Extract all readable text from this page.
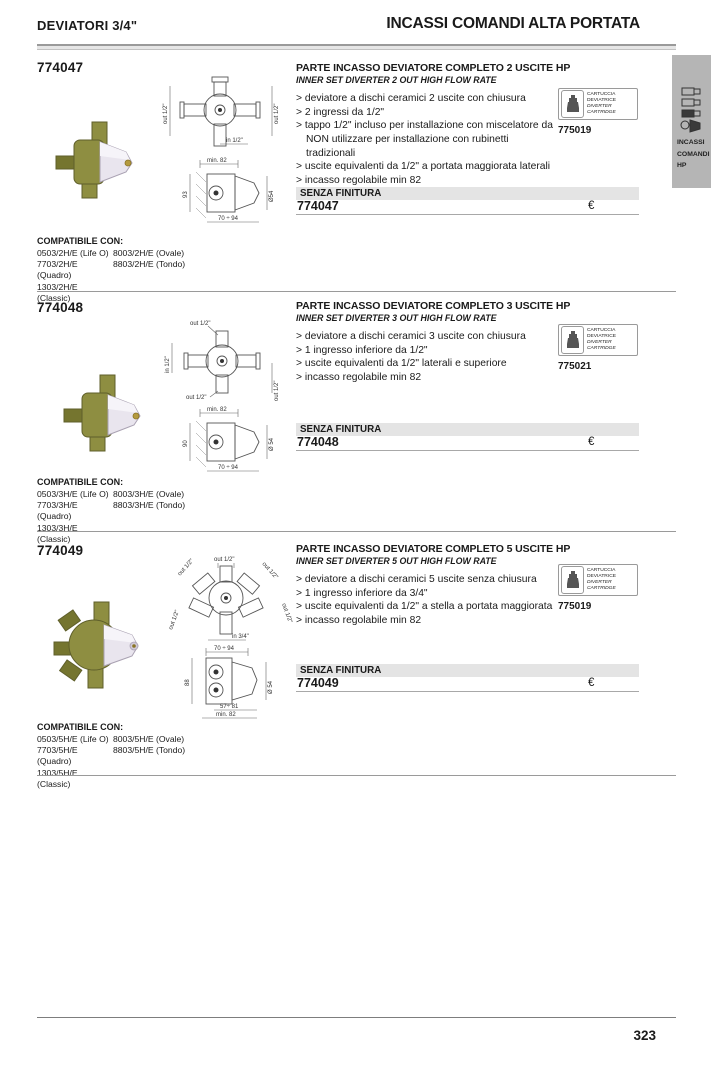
DEVIATORI 3/4"	INCASSI COMANDI ALTA PORTATA
INCASSI
COMANDI
HP
774047
out 1/2"	out 1/2"
in 1/2"
min. 82
93	Ø54
70 ÷ 94
PARTE INCASSO DEVIATORE COMPLETO 2 USCITE HP
INNER SET DIVERTER 2 OUT HIGH FLOW RATE
> deviatore a dischi ceramici 2 uscite con chiusura
> 2 ingressi da 1/2"
> tappo 1/2" incluso per installazione con miscelatore da NON utilizzare per installazione con rubinetti tradizionali
> uscite equivalenti da 1/2" a portata maggiorata laterali
> incasso regolabile min 82
CARTUCCIA
DEVIATRICE
DIVERTER CARTRIDGE
775019
SENZA FINITURA
774047	€
COMPATIBILE CON:
0503/2H/E (Life O)
7703/2H/E (Quadro)
1303/2H/E (Classic)
8003/2H/E (Ovale)
8803/2H/E (Tondo)
774048
out 1/2"
in 1/2"
out 1/2"	out 1/2"
min. 82
90	Ø 54
70 ÷ 94
PARTE INCASSO DEVIATORE COMPLETO 3 USCITE HP
INNER SET DIVERTER 3 OUT HIGH FLOW RATE
> deviatore a dischi ceramici 3 uscite con chiusura
> 1 ingresso inferiore da 1/2"
> uscite equivalenti da 1/2" laterali e superiore
> incasso regolabile min 82
CARTUCCIA
DEVIATRICE
DIVERTER CARTRIDGE
775021
SENZA FINITURA
774048	€
COMPATIBILE CON:
0503/3H/E (Life O)
7703/3H/E (Quadro)
1303/3H/E (Classic)
8003/3H/E (Ovale)
8803/3H/E (Tondo)
774049
out 1/2"
out 1/2"	out 1/2"
out 1/2"	out 1/2"
in 3/4"
70 ÷ 94
88	Ø 54
57÷ 81
min. 82
PARTE INCASSO DEVIATORE COMPLETO 5 USCITE HP
INNER SET DIVERTER 5 OUT HIGH FLOW RATE
> deviatore a dischi ceramici 5 uscite senza chiusura
> 1 ingresso inferiore da 3/4"
> uscite equivalenti da 1/2" a stella a portata maggiorata
> incasso regolabile min 82
CARTUCCIA
DEVIATRICE
DIVERTER CARTRIDGE
775019
SENZA FINITURA
774049	€
COMPATIBILE CON:
0503/5H/E (Life O)
7703/5H/E (Quadro)
1303/5H/E (Classic)
8003/5H/E (Ovale)
8803/5H/E (Tondo)
323
